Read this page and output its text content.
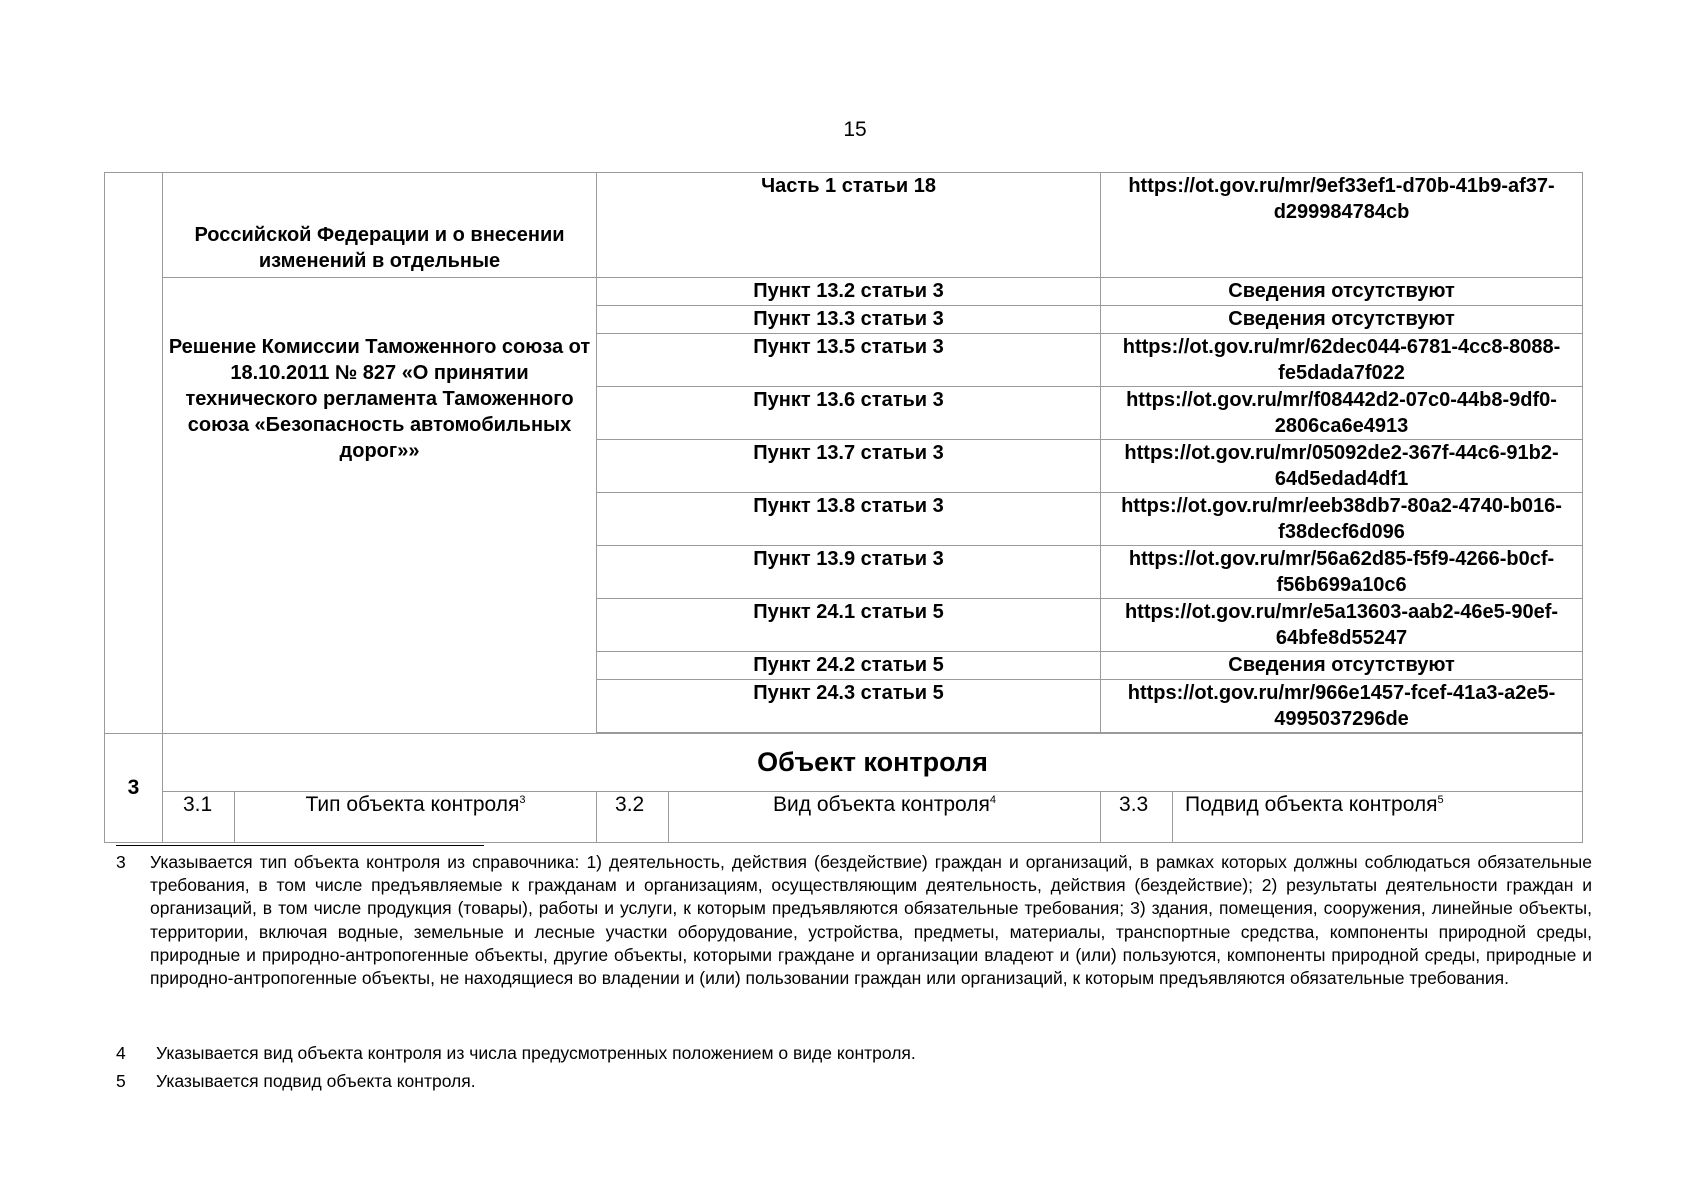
15
	Российской Федерации и о внесении изменений в отдельные		Часть 1 статьи 18		https://ot.gov.ru/mr/9ef33ef1-d70b-41b9-af37-d299984784cb	
	Решение Комиссии Таможенного союза от 18.10.2011 № 827 «О принятии технического регламента Таможенного союза «Безопасность автомобильных дорог»»		Пункт 13.2 статьи 3		Сведения отсутствуют	
			Пункт 13.3 статьи 3		Сведения отсутствуют	
			Пункт 13.5 статьи 3		https://ot.gov.ru/mr/62dec044-6781-4cc8-8088-fe5dada7f022	
			Пункт 13.6 статьи 3		https://ot.gov.ru/mr/f08442d2-07c0-44b8-9df0-2806ca6e4913	
			Пункт 13.7 статьи 3		https://ot.gov.ru/mr/05092de2-367f-44c6-91b2-64d5edad4df1	
			Пункт 13.8 статьи 3		https://ot.gov.ru/mr/eeb38db7-80a2-4740-b016-f38decf6d096	
			Пункт 13.9 статьи 3		https://ot.gov.ru/mr/56a62d85-f5f9-4266-b0cf-f56b699a10c6	
			Пункт 24.1 статьи 5		https://ot.gov.ru/mr/e5a13603-aab2-46e5-90ef-64bfe8d55247	
			Пункт 24.2 статьи 5		Сведения отсутствуют	
			Пункт 24.3 статьи 5		https://ot.gov.ru/mr/966e1457-fcef-41a3-a2e5-4995037296de	

3	Объект контроля					
	3.1	Тип объекта контроля$^3$	3.2	Вид объекта контроля$^4$	3.3	Подвид объекта контроля$^5$
3 Указывается тип объекта контроля из справочника: 1) деятельность, действия (бездействие) граждан и организаций, в рамках которых должны соблюдаться обязательные требования, в том числе предъявляемые к гражданам и организациям, осуществляющим деятельность, действия (бездействие); 2) результаты деятельности граждан и организаций, в том числе продукция (товары), работы и услуги, к которым предъявляются обязательные требования; 3) здания, помещения, сооружения, линейные объекты, территории, включая водные, земельные и лесные участки оборудование, устройства, предметы, материалы, транспортные средства, компоненты природной среды, природные и природно-антропогенные объекты, другие объекты, которыми граждане и организации владеют и (или) пользуются, компоненты природной среды, природные и природно-антропогенные объекты, не находящиеся во владении и (или) пользовании граждан или организаций, к которым предъявляются обязательные требования.
4 Указывается вид объекта контроля из числа предусмотренных положением о виде контроля.
5 Указывается подвид объекта контроля.
